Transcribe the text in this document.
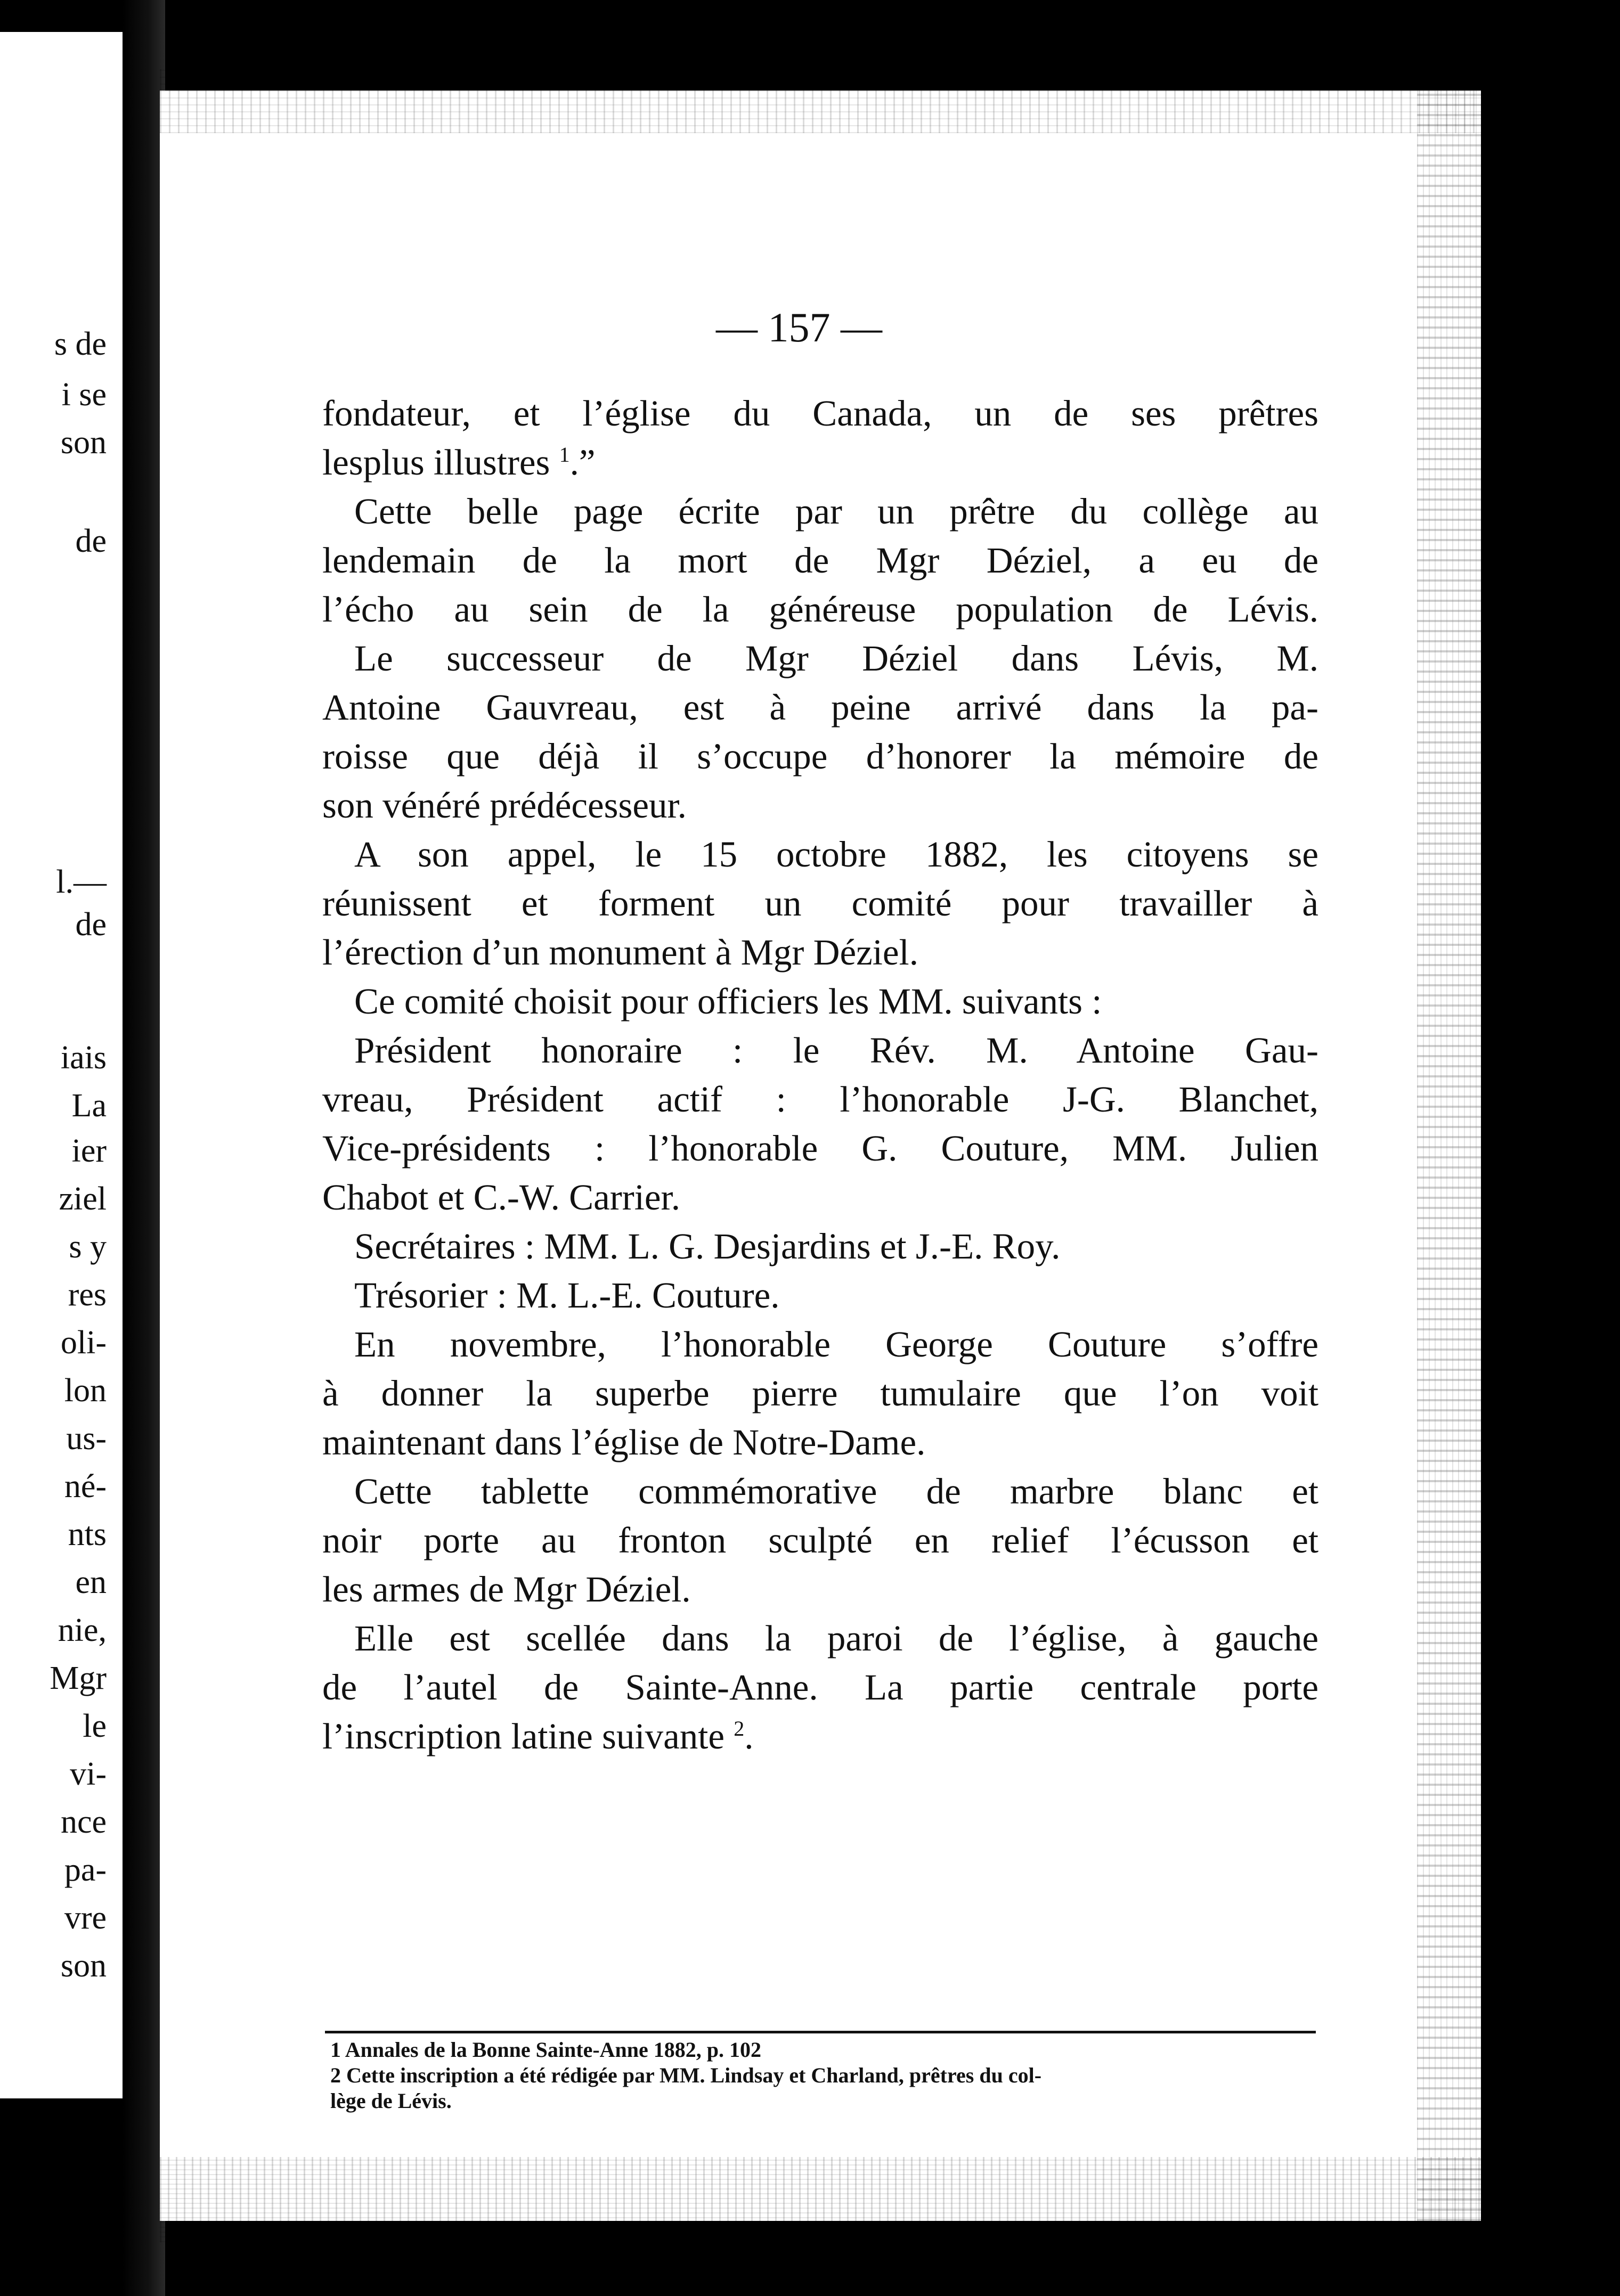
s de
i se
son
de
l.—
de
iais
La
ier
ziel
s y
res
oli-
lon
us-
né-
nts
en
nie,
Mgr
le
vi-
nce
pa-
vre
son
— 157 —
fondateur, et l’église du Canada, un de ses prêtres
lesplus illustres $^1$.”
Cette belle page écrite par un prêtre du collège au
lendemain de la mort de Mgr Déziel, a eu de
l’écho au sein de la généreuse population de Lévis.
Le successeur de Mgr Déziel dans Lévis, M.
Antoine Gauvreau, est à peine arrivé dans la pa-
roisse que déjà il s’occupe d’honorer la mémoire de
son vénéré prédécesseur.
A son appel, le 15 octobre 1882, les citoyens se
réunissent et forment un comité pour travailler à
l’érection d’un monument à Mgr Déziel.
Ce comité choisit pour officiers les MM. suivants :
Président honoraire : le Rév. M. Antoine Gau-
vreau, Président actif : l’honorable J-G. Blanchet,
Vice-présidents : l’honorable G. Couture, MM. Julien
Chabot et C.-W. Carrier.
Secrétaires : MM. L. G. Desjardins et J.-E. Roy.
Trésorier : M. L.-E. Couture.
En novembre, l’honorable George Couture s’offre
à donner la superbe pierre tumulaire que l’on voit
maintenant dans l’église de Notre-Dame.
Cette tablette commémorative de marbre blanc et
noir porte au fronton sculpté en relief l’écusson et
les armes de Mgr Déziel.
Elle est scellée dans la paroi de l’église, à gauche
de l’autel de Sainte-Anne. La partie centrale porte
l’inscription latine suivante $^2$.
1 Annales de la Bonne Sainte-Anne 1882, p. 102
2 Cette inscription a été rédigée par MM. Lindsay et Charland, prêtres du col-
lège de Lévis.
